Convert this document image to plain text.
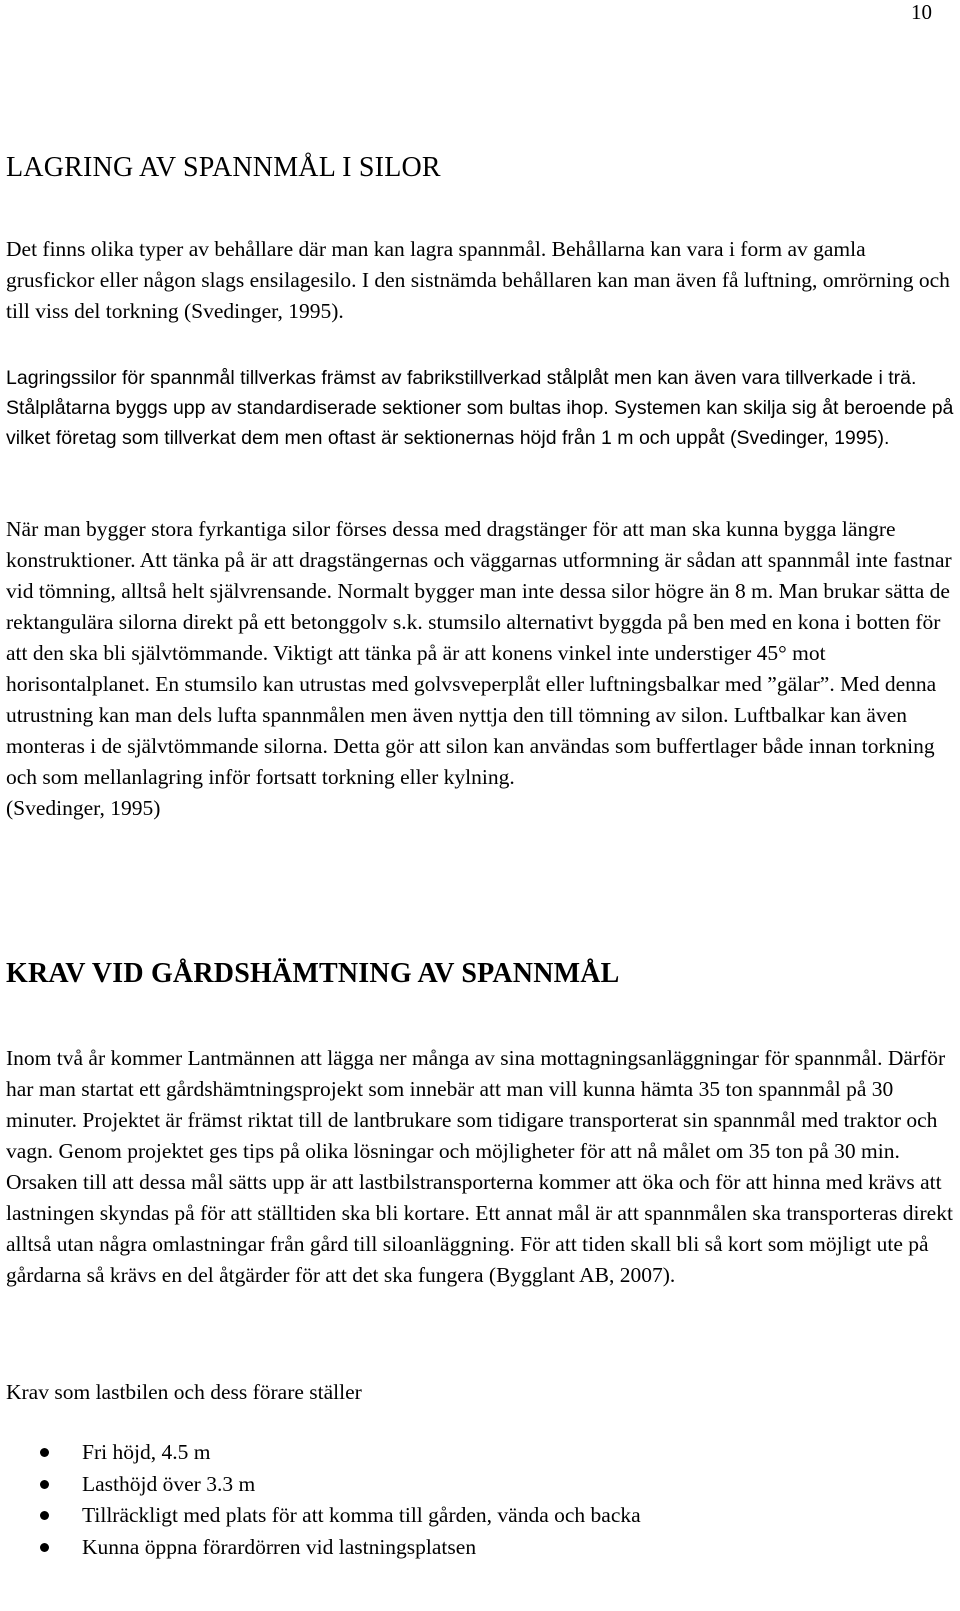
10
LAGRING AV SPANNMÅL I SILOR

Det finns olika typer av behållare där man kan lagra spannmål. Behållarna kan vara i form av gamla grusfickor eller någon slags ensilagesilo. I den sistnämda behållaren kan man även få luftning, omrörning och till viss del torkning (Svedinger, 1995).

Lagringssilor för spannmål tillverkas främst av fabrikstillverkad stålplåt men kan även vara tillverkade i trä. Stålplåtarna byggs upp av standardiserade sektioner som bultas ihop. Systemen kan skilja sig åt beroende på vilket företag som tillverkat dem men oftast är sektionernas höjd från 1 m och uppåt (Svedinger, 1995).

När man bygger stora fyrkantiga silor förses dessa med dragstänger för att man ska kunna bygga längre konstruktioner. Att tänka på är att dragstängernas och väggarnas utformning är sådan att spannmål inte fastnar vid tömning, alltså helt självrensande. Normalt bygger man inte dessa silor högre än 8 m. Man brukar sätta de rektangulära silorna direkt på ett betonggolv s.k. stumsilo alternativt byggda på ben med en kona i botten för att den ska bli självtömmande. Viktigt att tänka på är att konens vinkel inte understiger 45° mot horisontalplanet. En stumsilo kan utrustas med golvsveperplåt eller luftningsbalkar med ”gälar”. Med denna utrustning kan man dels lufta spannmålen men även nyttja den till tömning av silon. Luftbalkar kan även monteras i de självtömmande silorna. Detta gör att silon kan användas som buffertlager både innan torkning och som mellanlagring inför fortsatt torkning eller kylning.
(Svedinger, 1995)

KRAV VID GÅRDSHÄMTNING AV SPANNMÅL

Inom två år kommer Lantmännen att lägga ner många av sina mottagningsanläggningar för spannmål. Därför har man startat ett gårdshämtningsprojekt som innebär att man vill kunna hämta 35 ton spannmål på 30 minuter. Projektet är främst riktat till de lantbrukare som tidigare transporterat sin spannmål med traktor och vagn. Genom projektet ges tips på olika lösningar och möjligheter för att nå målet om 35 ton på 30 min. Orsaken till att dessa mål sätts upp är att lastbilstransporterna kommer att öka och för att hinna med krävs att lastningen skyndas på för att ställtiden ska bli kortare. Ett annat mål är att spannmålen ska transporteras direkt alltså utan några omlastningar från gård till siloanläggning. För att tiden skall bli så kort som möjligt ute på gårdarna så krävs en del åtgärder för att det ska fungera (Bygglant AB, 2007).

Krav som lastbilen och dess förare ställer

Fri höjd, 4.5 m
Lasthöjd över 3.3 m
Tillräckligt med plats för att komma till gården, vända och backa
Kunna öppna förardörren vid lastningsplatsen
